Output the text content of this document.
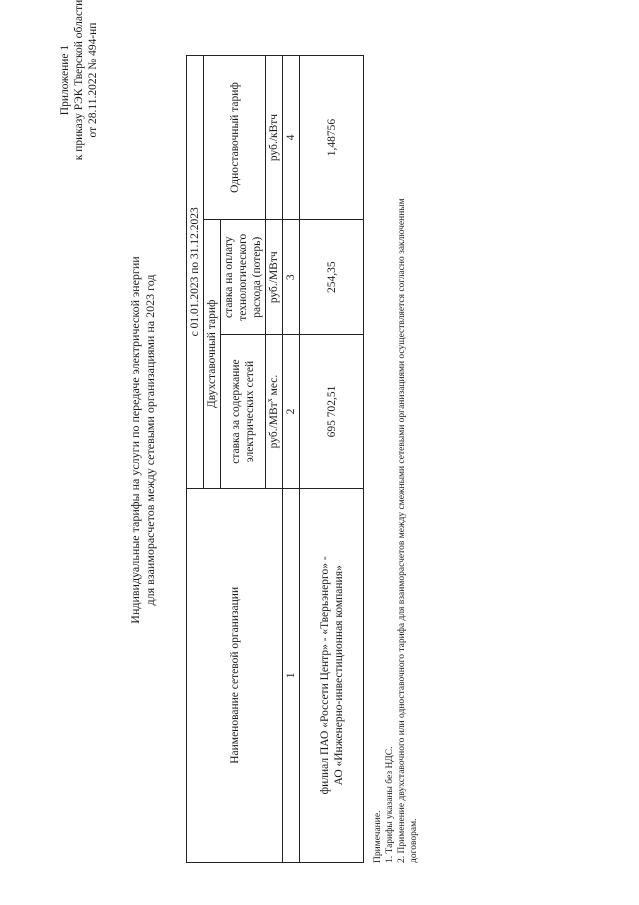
Приложение 1 к приказу РЭК Тверской области от 28.11.2022 № 494-нп
Индивидуальные тарифы на услуги по передаче электрической энергии для взаиморасчетов между сетевыми организациями на 2023 год
Наименование сетевой организации	с 01.01.2023 по 31.12.2023		
	Двухставочный тариф		Одноставочный тариф
	ставка за содержание электрических сетей	ставка на оплату технологического расхода (потерь)	
	руб./МВт$^х$ мес.	руб./МВтч	руб./кВтч
1	2	3	4

филиал ПАО «Россети Центр» - «Тверьэнерго» - АО «Инженерно-инвестиционная компания»	695 702,51	254,35	1,48756
Примечание. 1. Тарифы указаны без НДС. 2. Применение двухставочного или одноставочного тарифа для взаиморасчетов между смежными сетевыми организациями осуществляется согласно заключенным договорам.
